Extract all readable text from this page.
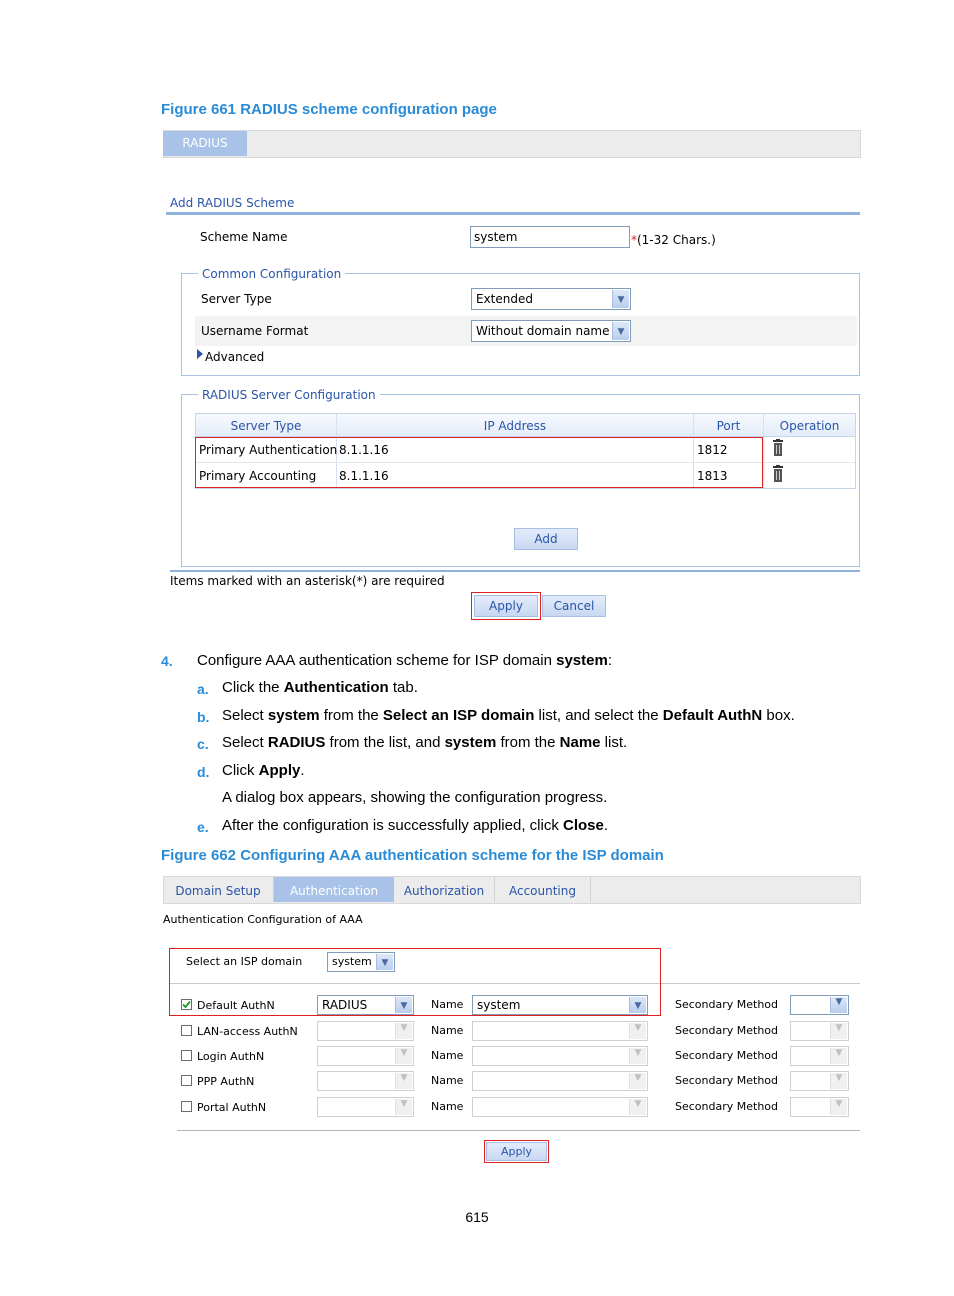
Figure 661 RADIUS scheme configuration page
RADIUS
Add RADIUS Scheme
Scheme Name	system	* (1-32 Chars.)
Common Configuration
Server Type	Extended	▼
Username Format	Without domain name ▼
Advanced
RADIUS Server Configuration
Server Type	IP Address	Port	Operation
Primary Authentication 8.1.1.16	1812
Primary Accounting 8.1.1.16	1813
Add
Items marked with an asterisk(*) are required
Apply	Cancel
4. Configure AAA authentication scheme for ISP domain system:
a. Click the Authentication tab.
b. Select system from the Select an ISP domain list, and select the Default AuthN box.
c. Select RADIUS from the list, and system from the Name list.
d. Click Apply.
A dialog box appears, showing the configuration progress.
e. After the configuration is successfully applied, click Close.
Figure 662 Configuring AAA authentication scheme for the ISP domain
Domain Setup	Authentication	Authorization	Accounting
Authentication Configuration of AAA
Select an ISP domain	system	▼
Default AuthN	RADIUS	▼	Name	system	▼	Secondary Method	▼
LAN-access AuthN	▼	Name	▼	Secondary Method	▼
Login AuthN	▼	Name	▼	Secondary Method	▼
PPP AuthN	▼	Name	▼	Secondary Method	▼
Portal AuthN	▼	Name	▼	Secondary Method	▼
Apply
615
